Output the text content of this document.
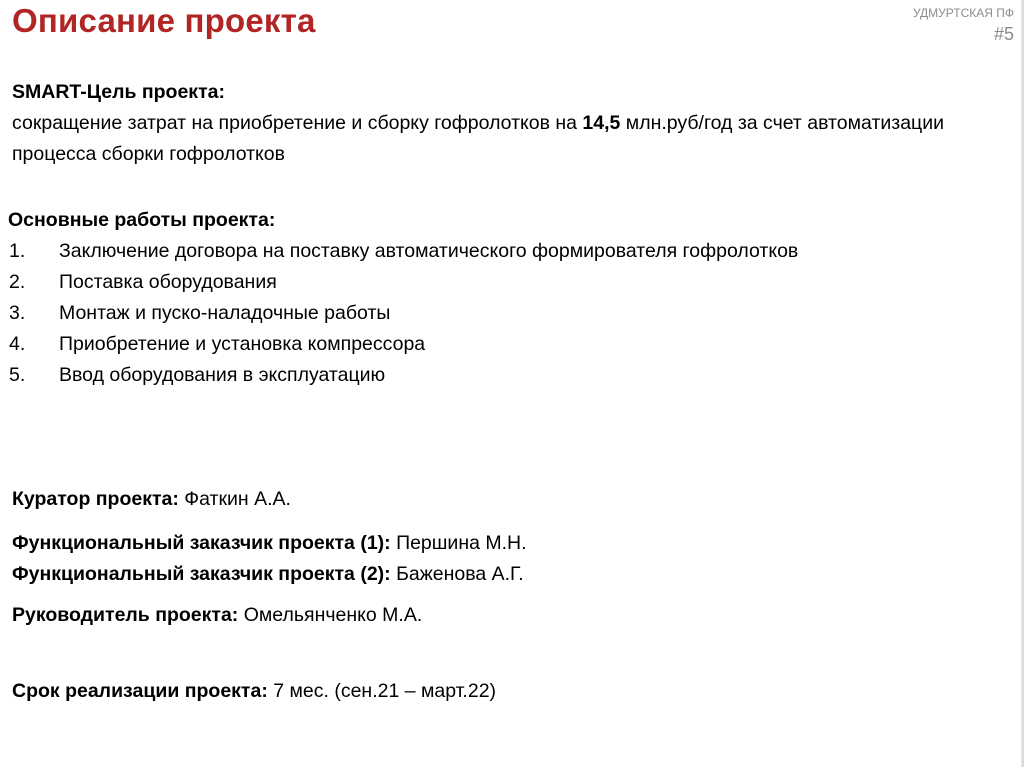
Описание проекта	УДМУРТСКАЯ ПФ
#5
SMART-Цель проекта:
сокращение затрат на приобретение и сборку гофролотков на 14,5 млн.руб/год за счет автоматизации процесса сборки гофролотков
Основные работы проекта:
1.	Заключение договора на поставку автоматического формирователя гофролотков
2.	Поставка оборудования
3.	Монтаж и пуско-наладочные работы
4.	Приобретение и установка компрессора
5.	Ввод оборудования в эксплуатацию
Куратор проекта: Фаткин А.А.
Функциональный заказчик проекта (1): Першина М.Н.
Функциональный заказчик проекта (2): Баженова А.Г.
Руководитель проекта: Омельянченко М.А.
Срок реализации проекта: 7 мес. (сен.21 – март.22)
